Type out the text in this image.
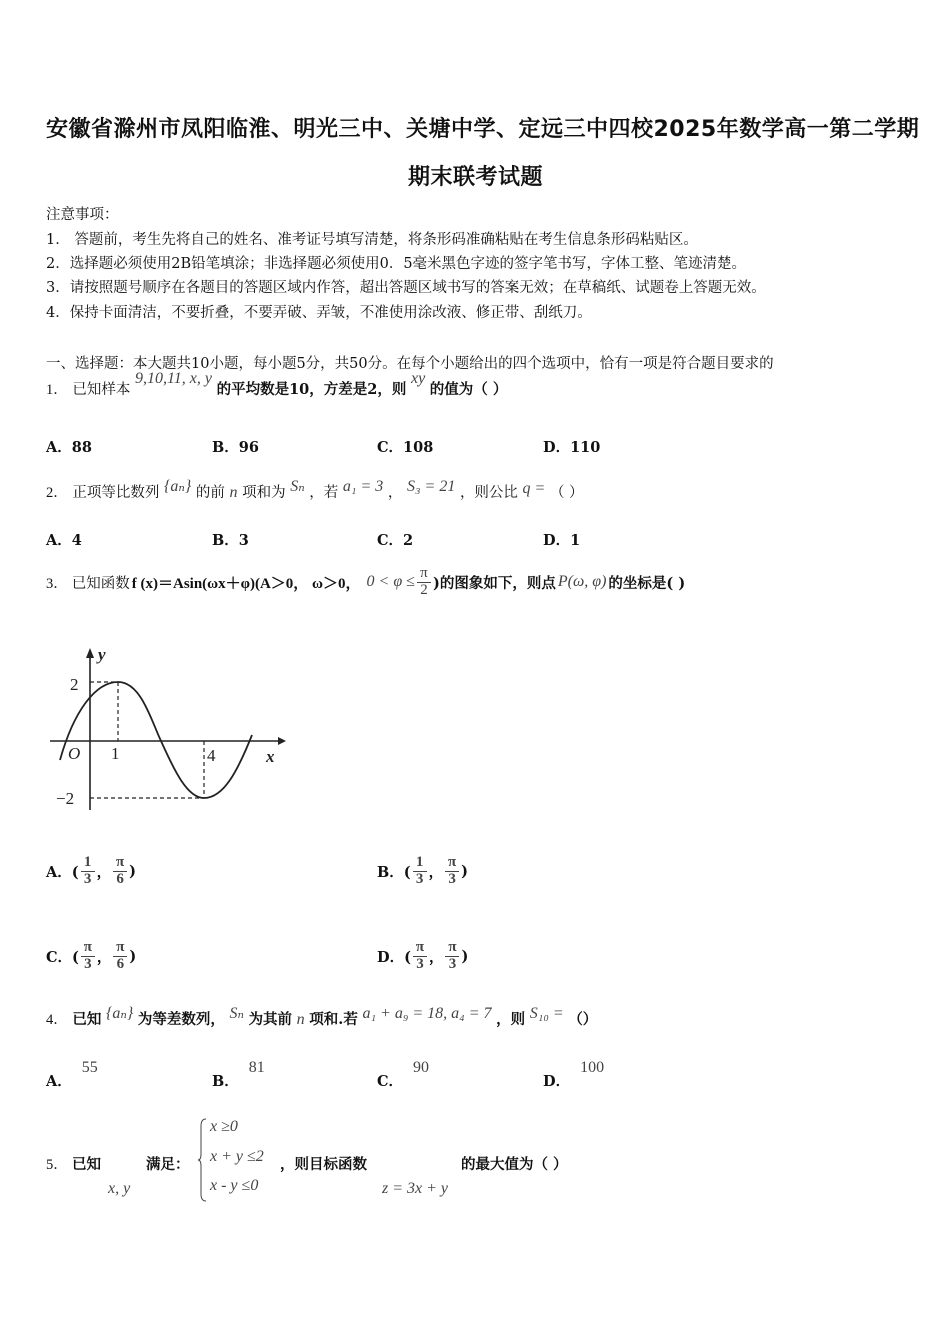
安徽省滁州市凤阳临淮、明光三中、关塘中学、定远三中四校2025年数学高一第二学期
期末联考试题
注意事项：
1． 答题前，考生先将自己的姓名、准考证号填写清楚，将条形码准确粘贴在考生信息条形码粘贴区。
2．选择题必须使用2B铅笔填涂；非选择题必须使用0．5毫米黑色字迹的签字笔书写，字体工整、笔迹清楚。
3．请按照题号顺序在各题目的答题区域内作答，超出答题区域书写的答案无效；在草稿纸、试题卷上答题无效。
4．保持卡面清洁，不要折叠，不要弄破、弄皱，不准使用涂改液、修正带、刮纸刀。
一、选择题：本大题共10小题，每小题5分，共50分。在每个小题给出的四个选项中，恰有一项是符合题目要求的
1． 已知样本 9,10,11, x, y 的平均数是10，方差是2，则 xy 的值为（ ）
A．88	B．96	C．108	D．110
2． 正项等比数列 {aₙ} 的前 n 项和为 Sₙ ，若 a₁ = 3 ， S₃ = 21 ，则公比 q = （ ）
A．4	B．3	C．2	D．1
3． 已知函数 f (x)＝Asin(ωx＋φ)(A＞0， ω＞0， $0 < \varphi \le \frac{\pi}{2}$ )的图象如下，则点 P(ω, φ) 的坐标是( )
y
x
O 1	4
2
−2
A．( $\frac{1}{3}$ ， $\frac{\pi}{6}$ )	B．( $\frac{1}{3}$ ， $\frac{\pi}{3}$ )
C．( $\frac{\pi}{3}$ ， $\frac{\pi}{6}$ )	D．( $\frac{\pi}{3}$ ， $\frac{\pi}{3}$ )
4． 已知 {aₙ} 为等差数列， Sₙ 为其前 n 项和.若 a₁ + a₉ = 18, a₄ = 7 ，则 S₁₀ = （）
A．55
B．81
C．90
D．100
5． 已知	满足：
x, y
x ≥0
x + y ≤2
x - y ≤0
，则目标函数
z = 3x + y
的最大值为（ ）
